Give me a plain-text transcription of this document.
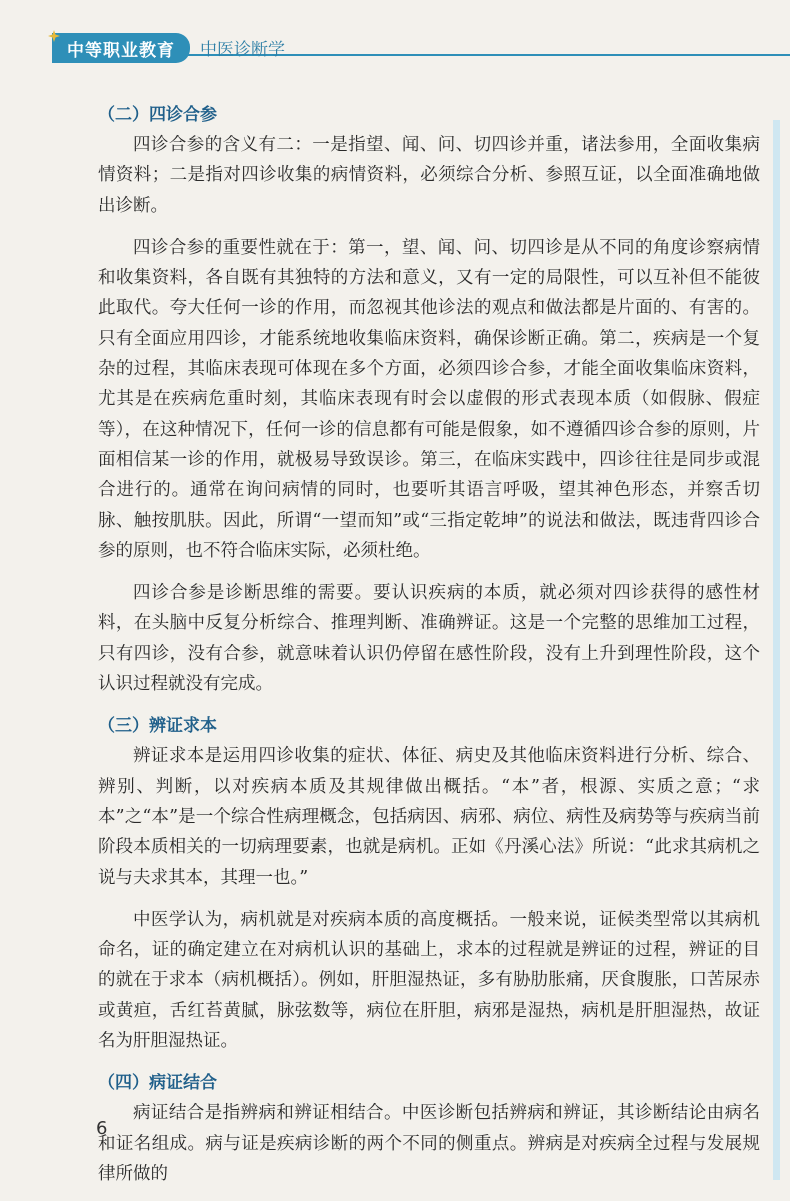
中等职业教育 中医诊断学
（二）四诊合参

四诊合参的含义有二：一是指望、闻、问、切四诊并重，诸法参用，全面收集病情资料；二是指对四诊收集的病情资料，必须综合分析、参照互证，以全面准确地做出诊断。

四诊合参的重要性就在于：第一，望、闻、问、切四诊是从不同的角度诊察病情和收集资料，各自既有其独特的方法和意义，又有一定的局限性，可以互补但不能彼此取代。夸大任何一诊的作用，而忽视其他诊法的观点和做法都是片面的、有害的。只有全面应用四诊，才能系统地收集临床资料，确保诊断正确。第二，疾病是一个复杂的过程，其临床表现可体现在多个方面，必须四诊合参，才能全面收集临床资料，尤其是在疾病危重时刻，其临床表现有时会以虚假的形式表现本质（如假脉、假症等），在这种情况下，任何一诊的信息都有可能是假象，如不遵循四诊合参的原则，片面相信某一诊的作用，就极易导致误诊。第三，在临床实践中，四诊往往是同步或混合进行的。通常在询问病情的同时，也要听其语言呼吸，望其神色形态，并察舌切脉、触按肌肤。因此，所谓“一望而知”或“三指定乾坤”的说法和做法，既违背四诊合参的原则，也不符合临床实际，必须杜绝。

四诊合参是诊断思维的需要。要认识疾病的本质，就必须对四诊获得的感性材料，在头脑中反复分析综合、推理判断、准确辨证。这是一个完整的思维加工过程，只有四诊，没有合参，就意味着认识仍停留在感性阶段，没有上升到理性阶段，这个认识过程就没有完成。

（三）辨证求本

辨证求本是运用四诊收集的症状、体征、病史及其他临床资料进行分析、综合、辨别、判断，以对疾病本质及其规律做出概括。“本”者，根源、实质之意；“求本”之“本”是一个综合性病理概念，包括病因、病邪、病位、病性及病势等与疾病当前阶段本质相关的一切病理要素，也就是病机。正如《丹溪心法》所说：“此求其病机之说与夫求其本，其理一也。”

中医学认为，病机就是对疾病本质的高度概括。一般来说，证候类型常以其病机命名，证的确定建立在对病机认识的基础上，求本的过程就是辨证的过程，辨证的目的就在于求本（病机概括）。例如，肝胆湿热证，多有胁肋胀痛，厌食腹胀，口苦尿赤或黄疸，舌红苔黄腻，脉弦数等，病位在肝胆，病邪是湿热，病机是肝胆湿热，故证名为肝胆湿热证。

（四）病证结合

病证结合是指辨病和辨证相结合。中医诊断包括辨病和辨证，其诊断结论由病名和证名组成。病与证是疾病诊断的两个不同的侧重点。辨病是对疾病全过程与发展规律所做的

6
